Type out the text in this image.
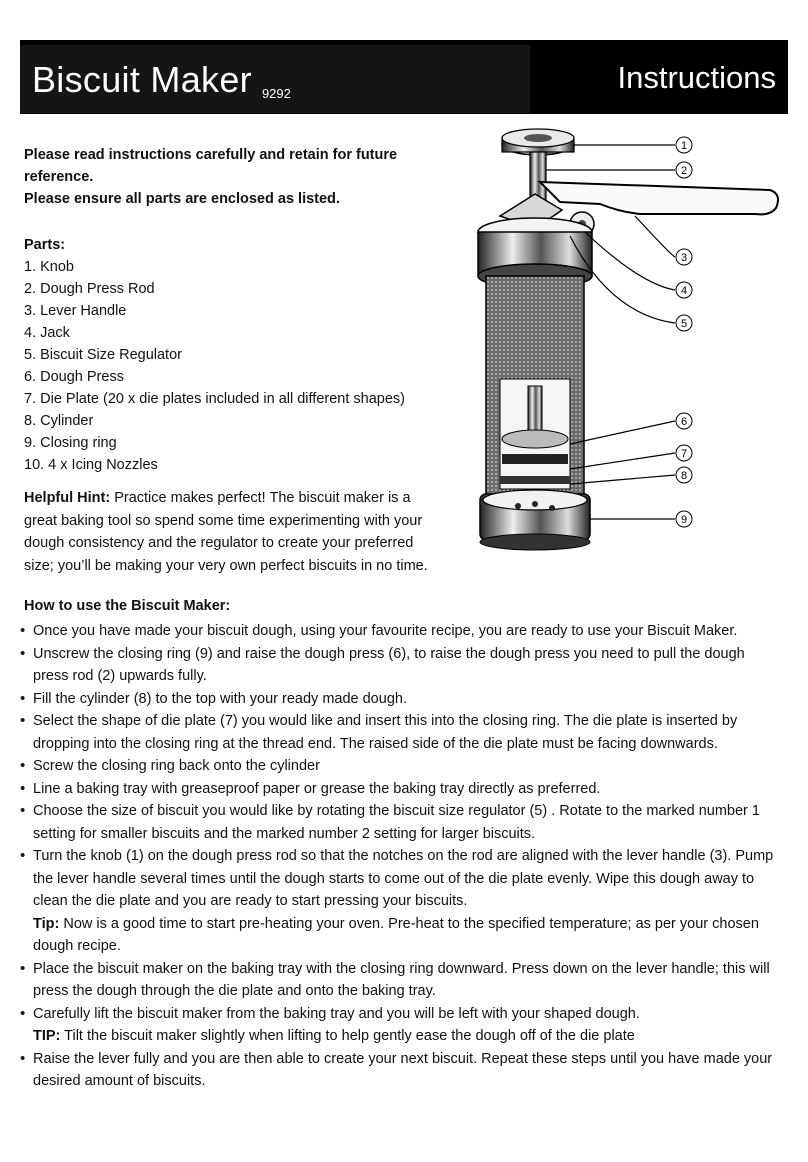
Biscuit Maker 9292	Instructions

Please read instructions carefully and retain for future reference.

Please ensure all parts are enclosed as listed.

Parts:
1. Knob
2. Dough Press Rod
3. Lever Handle
4. Jack
5. Biscuit Size Regulator
6. Dough Press
7. Die Plate (20 x die plates included in all different shapes)
8. Cylinder
9. Closing ring
10. 4 x Icing Nozzles
Helpful Hint: Practice makes perfect! The biscuit maker is a great baking tool so spend some time experimenting with your dough consistency and the regulator to create your preferred size; you’ll be making your very own perfect biscuits in no time.
How to use the Biscuit Maker:
• Once you have made your biscuit dough, using your favourite recipe, you are ready to use your Biscuit Maker.
• Unscrew the closing ring (9) and raise the dough press (6), to raise the dough press you need to pull the dough press rod (2) upwards fully.
• Fill the cylinder (8) to the top with your ready made dough.
• Select the shape of die plate (7) you would like and insert this into the closing ring. The die plate is inserted by dropping into the closing ring at the thread end. The raised side of the die plate must be facing downwards.
• Screw the closing ring back onto the cylinder
• Line a baking tray with greaseproof paper or grease the baking tray directly as preferred.
• Choose the size of biscuit you would like by rotating the biscuit size regulator (5) . Rotate to the marked number 1 setting for smaller biscuits and the marked number 2 setting for larger biscuits.
• Turn the knob (1) on the dough press rod so that the notches on the rod are aligned with the lever handle (3). Pump the lever handle several times until the dough starts to come out of the die plate evenly. Wipe this dough away to clean the die plate and you are ready to start pressing your biscuits.
Tip: Now is a good time to start pre-heating your oven. Pre-heat to the specified temperature; as per your chosen dough recipe.
• Place the biscuit maker on the baking tray with the closing ring downward. Press down on the lever handle; this will press the dough through the die plate and onto the baking tray.
• Carefully lift the biscuit maker from the baking tray and you will be left with your shaped dough.
TIP: Tilt the biscuit maker slightly when lifting to help gently ease the dough off of the die plate
• Raise the lever fully and you are then able to create your next biscuit. Repeat these steps until you have made your desired amount of biscuits.
1
2
3
4
5
6
7
8
9
